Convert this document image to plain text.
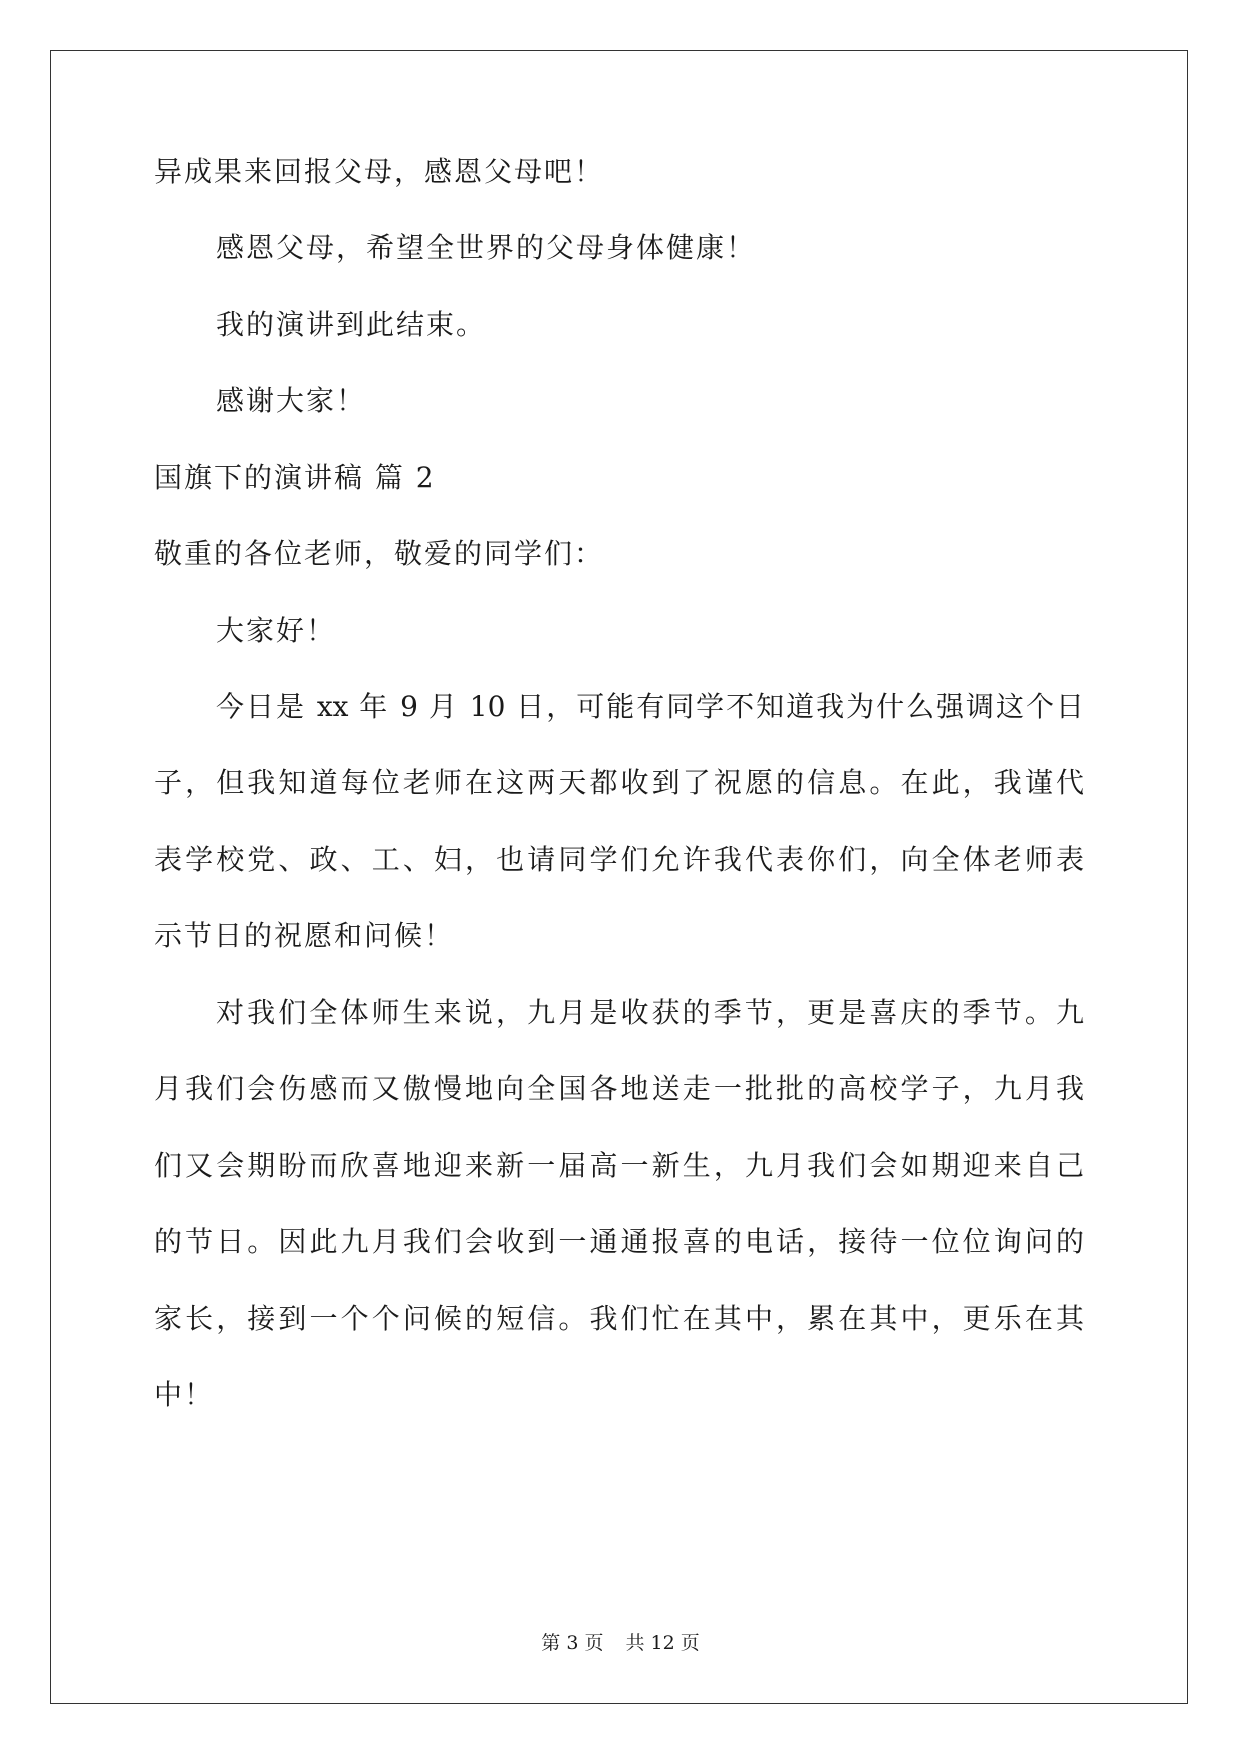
异成果来回报父母，感恩父母吧！
感恩父母，希望全世界的父母身体健康！
我的演讲到此结束。
感谢大家！
国旗下的演讲稿 篇 2
敬重的各位老师，敬爱的同学们：
大家好！
今日是 xx 年 9 月 10 日，可能有同学不知道我为什么强调这个日
子，但我知道每位老师在这两天都收到了祝愿的信息。在此，我谨代
表学校党、政、工、妇，也请同学们允许我代表你们，向全体老师表
示节日的祝愿和问候！
对我们全体师生来说，九月是收获的季节，更是喜庆的季节。九
月我们会伤感而又傲慢地向全国各地送走一批批的高校学子，九月我
们又会期盼而欣喜地迎来新一届高一新生，九月我们会如期迎来自己
的节日。因此九月我们会收到一通通报喜的电话，接待一位位询问的
家长，接到一个个问候的短信。我们忙在其中，累在其中，更乐在其
中！
第 3 页 共 12 页
